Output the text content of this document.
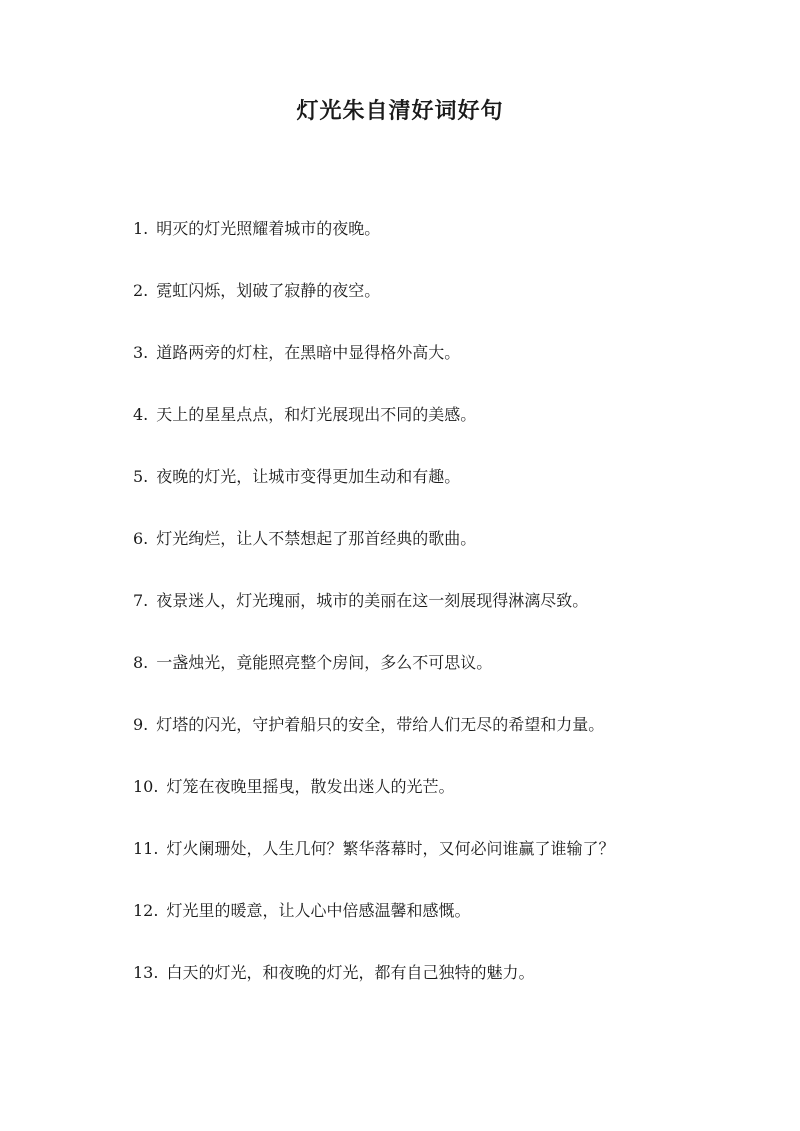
灯光朱自清好词好句
1. 明灭的灯光照耀着城市的夜晚。
2. 霓虹闪烁，划破了寂静的夜空。
3. 道路两旁的灯柱，在黑暗中显得格外高大。
4. 天上的星星点点，和灯光展现出不同的美感。
5. 夜晚的灯光，让城市变得更加生动和有趣。
6. 灯光绚烂，让人不禁想起了那首经典的歌曲。
7. 夜景迷人，灯光瑰丽，城市的美丽在这一刻展现得淋漓尽致。
8. 一盏烛光，竟能照亮整个房间，多么不可思议。
9. 灯塔的闪光，守护着船只的安全，带给人们无尽的希望和力量。
10. 灯笼在夜晚里摇曳，散发出迷人的光芒。
11. 灯火阑珊处，人生几何？繁华落幕时，又何必问谁赢了谁输了？
12. 灯光里的暖意，让人心中倍感温馨和感慨。
13. 白天的灯光，和夜晚的灯光，都有自己独特的魅力。
